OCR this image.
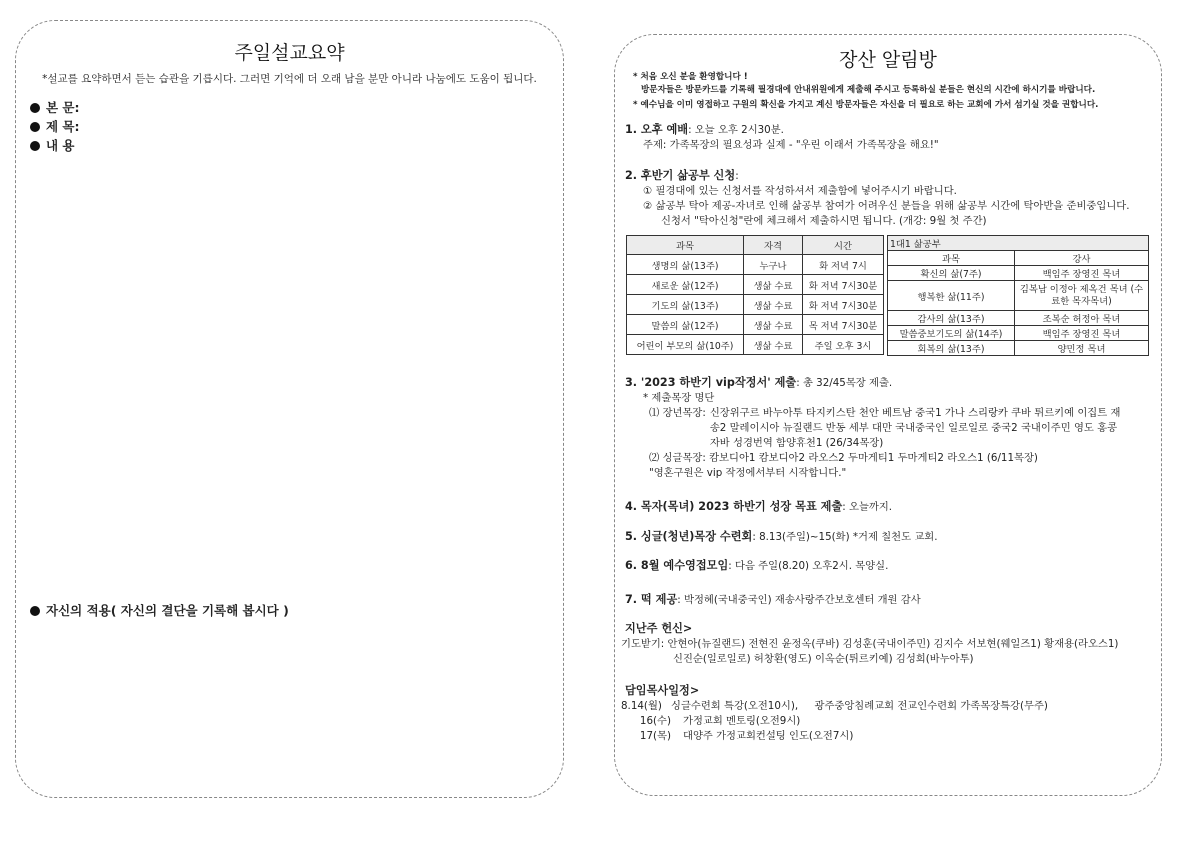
주일설교요약
*설교를 요약하면서 듣는 습관을 기릅시다. 그러면 기억에 더 오래 남을 분만 아니라 나눔에도 도움이 됩니다.
본 문:
제 목:
내 용
자신의 적용( 자신의 결단을 기록해 봅시다 )
장산 알림방
* 처음 오신 분을 환영합니다 !
방문자들은 방문카드를 기록해 필경대에 안내위원에게 제출해 주시고 등록하실 분들은 현신의 시간에 하시기를 바랍니다.
* 예수님을 이미 영접하고 구원의 확신을 가지고 계신 방문자들은 자신을 더 필요로 하는 교회에 가서 섬기실 것을 권합니다.
1. 오후 예배: 오늘 오후 2시30분.
주제: 가족목장의 필요성과 실제 - "우린 이래서 가족목장을 해요!"
2. 후반기 삶공부 신청:
① 필경대에 있는 신청서를 작성하셔서 제출함에 넣어주시기 바랍니다.
② 삶공부 탁아 제공-자녀로 인해 삶공부 참여가 어려우신 분들을 위해 삶공부 시간에 탁아반을 준비중입니다.
신청서 "탁아신청"란에 체크해서 제출하시면 됩니다. (개강: 9월 첫 주간)
과목	자격	시간
생명의 삶(13주)	누구나	화 저녁 7시
새로운 삶(12주)	생삶 수료	화 저녁 7시30분
기도의 삶(13주)	생삶 수료	화 저녁 7시30분
말씀의 삶(12주)	생삶 수료	목 저녁 7시30분
어린이 부모의 삶(10주)	생삶 수료	주일 오후 3시
1대1 삶공부	
과목	강사
확신의 삶(7주)	백임주 장영진 목녀
행복한 삶(11주)	김복남 이정아 제옥건 목녀 (수료한 목자목녀)
감사의 삶(13주)	조복순 허정아 목녀
말씀중보기도의 삶(14주)	백임주 장영진 목녀
회복의 삶(13주)	양민정 목녀
3. '2023 하반기 vip작정서' 제출: 총 32/45목장 제출.
* 제출목장 명단
⑴ 장년목장: 신장위구르 바누아투 타지키스탄 천안 베트남 중국1 가나 스리랑카 쿠바 튀르키예 이집트 재송2 말레이시아 뉴질랜드 반동 세부 대만 국내중국인 일로일로 중국2 국내이주민 영도 홍콩 자바 성경번역 함양휴천1 (26/34목장)
⑵ 싱글목장: 캄보디아1 캄보디아2 라오스2 두마게티1 두마게티2 라오스1 (6/11목장)
"영혼구원은 vip 작정에서부터 시작합니다."
4. 목자(목녀) 2023 하반기 성장 목표 제출: 오늘까지.
5. 싱글(청년)목장 수련회: 8.13(주일)~15(화) *거제 칠천도 교회.
6. 8월 예수영접모임: 다음 주일(8.20) 오후2시. 목양실.
7. 떡 제공: 박정혜(국내중국인) 재송사랑주간보호센터 개원 감사
지난주 헌신>
기도받기: 안현아(뉴질랜드) 전현진 윤정옥(쿠바) 김성훈(국내이주민) 김지수 서보현(웨일즈1) 황재용(라오스1)
신진순(일로일로) 허창환(영도) 이옥순(튀르키예) 김성희(바누아투)
담임목사일정>
8.14(월) 싱글수련회 특강(오전10시),     광주중앙침례교회 전교인수련회 가족목장특강(무주)
16(수) 가정교회 멘토링(오전9시)
17(목) 대양주 가정교회컨설팅 인도(오전7시)
